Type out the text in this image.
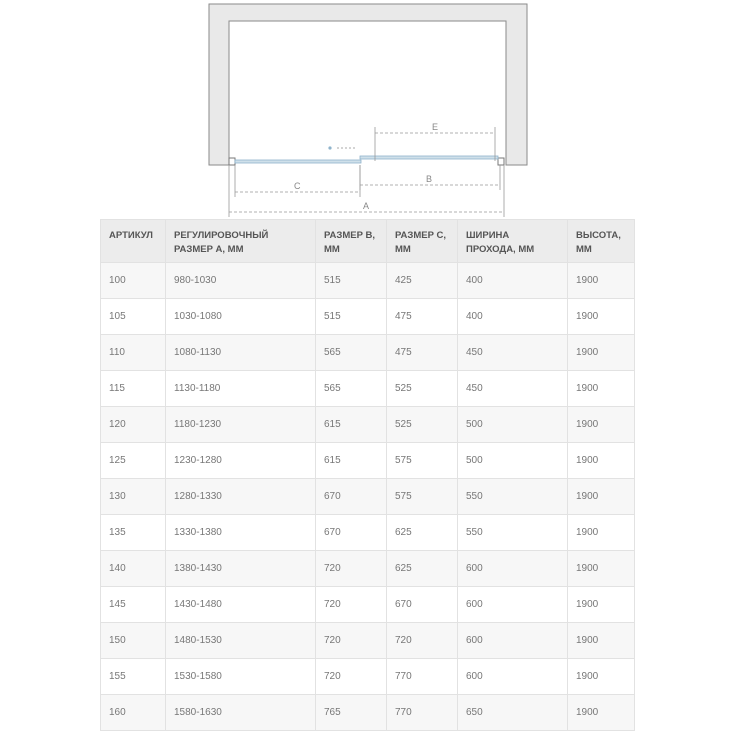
E
C
B
A
АРТИКУЛ	РЕГУЛИРОВОЧНЫЙ РАЗМЕР А, ММ	РАЗМЕР B, ММ	РАЗМЕР С, ММ	ШИРИНА ПРОХОДА, ММ	ВЫСОТА, ММ
100	980-1030	515	425	400	1900
105	1030-1080	515	475	400	1900
110	1080-1130	565	475	450	1900
115	1130-1180	565	525	450	1900
120	1180-1230	615	525	500	1900
125	1230-1280	615	575	500	1900
130	1280-1330	670	575	550	1900
135	1330-1380	670	625	550	1900
140	1380-1430	720	625	600	1900
145	1430-1480	720	670	600	1900
150	1480-1530	720	720	600	1900
155	1530-1580	720	770	600	1900
160	1580-1630	765	770	650	1900
